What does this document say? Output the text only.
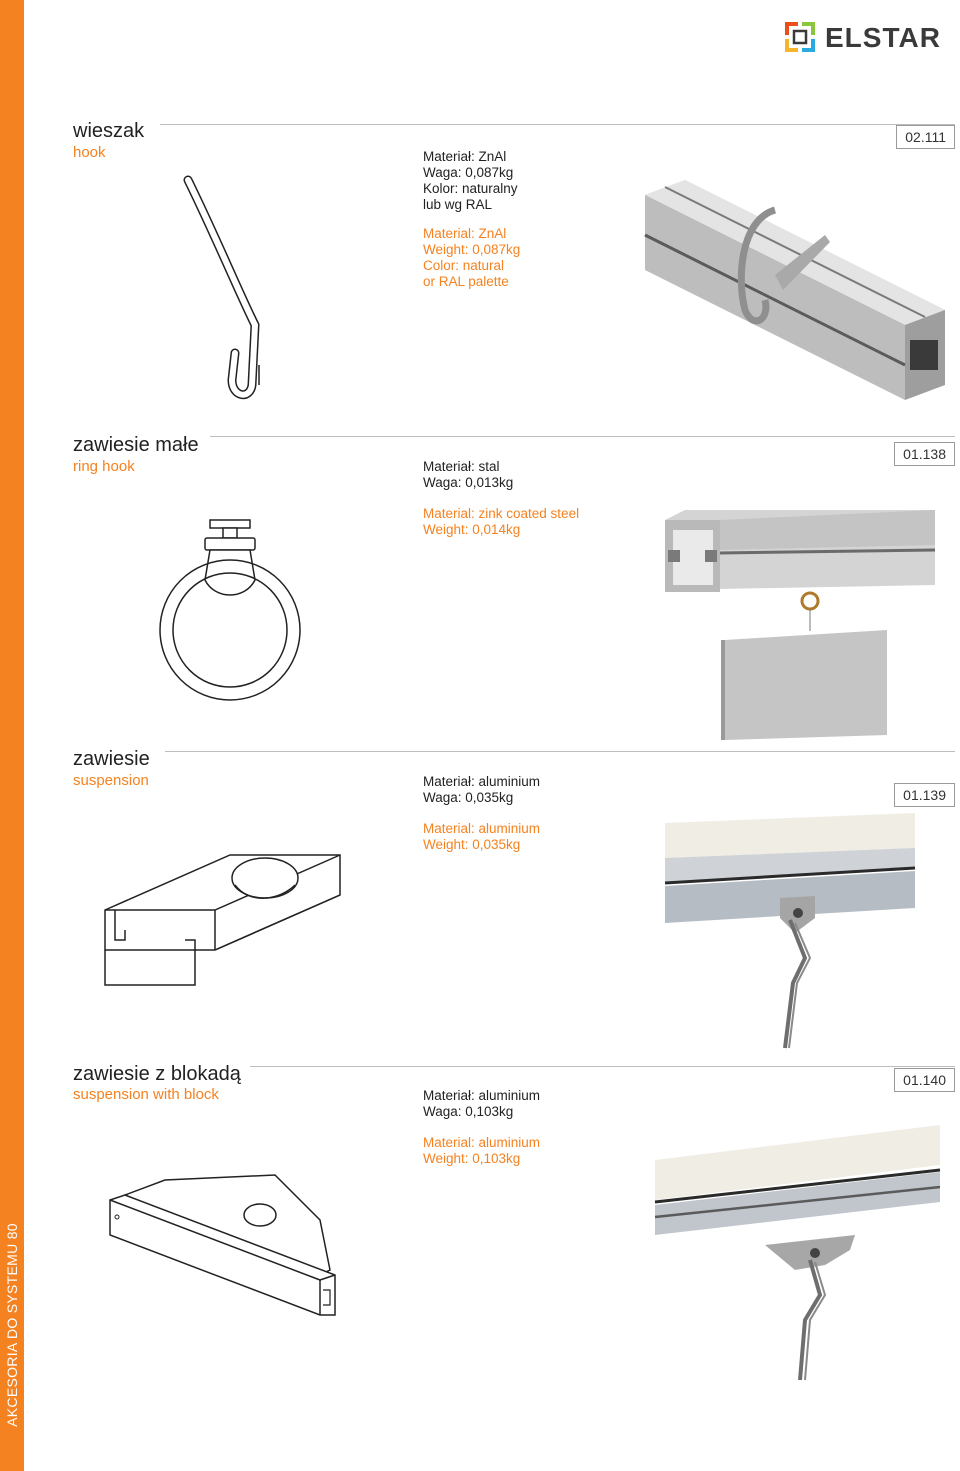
AKCESORIA DO SYSTEMU 80
ELSTAR
wieszak
hook
02.111
Materiał: ZnAl
Waga: 0,087kg
Kolor: naturalny
lub wg RAL
Material: ZnAl
Weight: 0,087kg
Color: natural
or RAL palette
zawiesie małe
ring hook
01.138
Materiał: stal
Waga: 0,013kg
Material: zink coated steel
Weight: 0,014kg
zawiesie
suspension
01.139
Materiał: aluminium
Waga: 0,035kg
Material: aluminium
Weight: 0,035kg
zawiesie z blokadą
suspension with block
01.140
Materiał: aluminium
Waga: 0,103kg
Material: aluminium
Weight: 0,103kg
